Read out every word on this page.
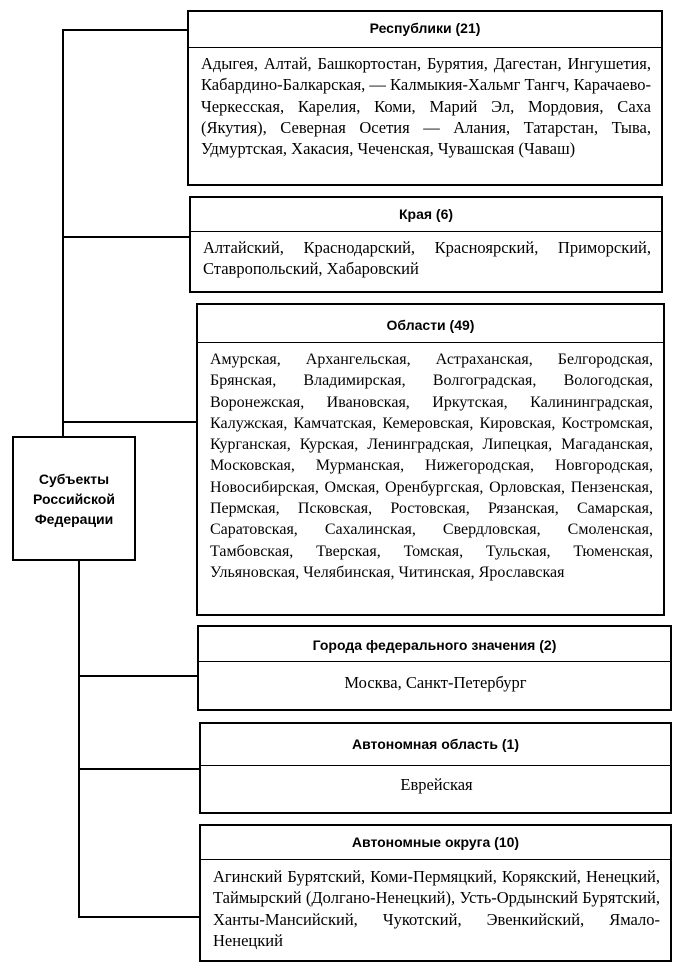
Субъекты
Российской
Федерации
Республики (21)
Адыгея, Алтай, Башкортостан, Бурятия, Дагестан, Ингушетия, Кабардино-Балкарская, — Калмыкия-Хальмг Тангч, Карачаево-Черкесская, Карелия, Коми, Марий Эл, Мордовия, Саха (Якутия), Северная Осетия — Алания, Татарстан, Тыва, Удмуртская, Хакасия, Чеченская, Чувашская (Чаваш)
Края (6)
Алтайский, Краснодарский, Красноярский, Приморский, Ставропольский, Хабаровский
Области (49)
Амурская, Архангельская, Астраханская, Белгородская, Брянская, Владимирская, Волгоградская, Вологодская, Воронежская, Ивановская, Иркутская, Калининградская, Калужская, Камчатская, Кемеровская, Кировская, Костромская, Курганская, Курская, Ленинградская, Липецкая, Магаданская, Московская, Мурманская, Нижегородская, Новгородская, Новосибирская, Омская, Оренбургская, Орловская, Пензенская, Пермская, Псковская, Ростовская, Рязанская, Самарская, Саратовская, Сахалинская, Свердловская, Смоленская, Тамбовская, Тверская, Томская, Тульская, Тюменская, Ульяновская, Челябинская, Читинская, Ярославская
Города федерального значения (2)
Москва, Санкт-Петербург
Автономная область (1)
Еврейская
Автономные округа (10)
Агинский Бурятский, Коми-Пермяцкий, Корякский, Ненецкий, Таймырский (Долгано-Ненецкий), Усть-Ордынский Бурятский, Ханты-Мансийский, Чукотский, Эвенкийский, Ямало-Ненецкий
